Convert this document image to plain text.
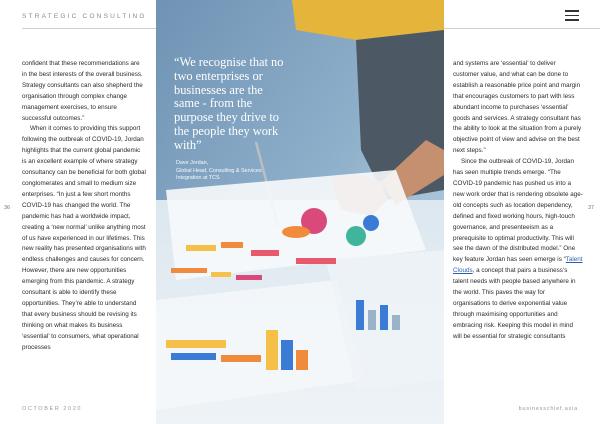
STRATEGIC CONSULTING

confident that these recommendations are in the best interests of the overall business. Strategy consultants can also shepherd the organisation through complex change management exercises, to ensure successful outcomes.”

When it comes to providing this support following the outbreak of COVID-19, Jordan highlights that the current global pandemic is an excellent example of where strategy consultancy can be beneficial for both global conglomerates and small to medium size enterprises. “In just a few short months COVID-19 has changed the world. The pandemic has had a worldwide impact, creating a ‘new normal’ unlike anything most of us have experienced in our lifetimes. This new reality has presented organisations with endless challenges and causes for concern. However, there are new opportunities emerging from this pandemic. A strategy consultant is able to identify these opportunities. They’re able to understand that every business should be revising its thinking on what makes its business ‘essential’ to consumers, what operational processes

“We recognise that no two enterprises or businesses are the same - from the purpose they drive to the people they work with”
Dave Jordan,
Global Head, Consulting & Services Integration at TCS

and systems are ‘essential’ to deliver customer value, and what can be done to establish a reasonable price point and margin that encourages customers to part with less abundant income to purchases ‘essential’ goods and services. A strategy consultant has the ability to look at the situation from a purely objective point of view and advise on the best next steps.”

Since the outbreak of COVID-19, Jordan has seen multiple trends emerge. “The COVID-19 pandemic has pushed us into a new work order that is rendering obsolete age-old concepts such as location dependency, defined and fixed working hours, high-touch governance, and presenteeism as a prerequisite to optimal productivity. This will see the dawn of the distributed model.” One key feature Jordan has seen emerge is “Talent Clouds, a concept that pairs a business’s talent needs with people based anywhere in the world. This paves the way for organisations to derive exponential value through maximising opportunities and embracing risk. Keeping this model in mind will be essential for strategic consultants

36	37
OCTOBER 2020	businesschief.asia
